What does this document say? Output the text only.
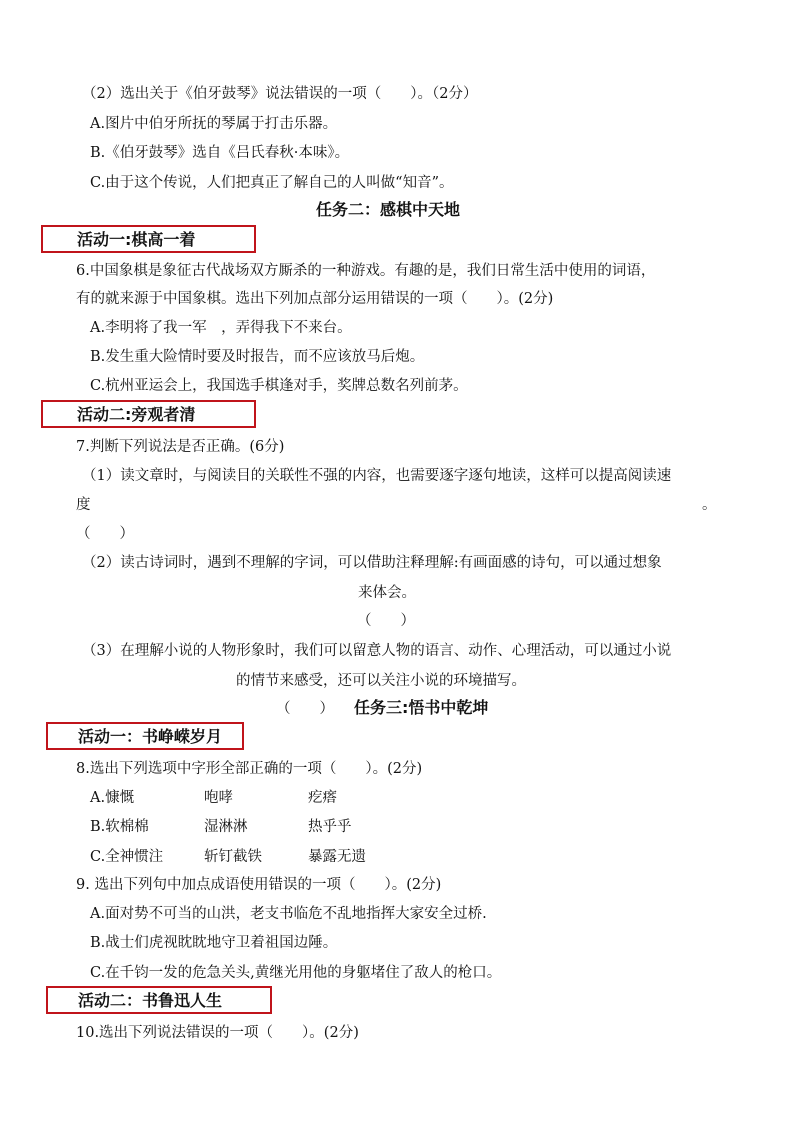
（2）选出关于《伯牙鼓琴》说法错误的一项（　　）。（2分）
A.图片中伯牙所抚的琴属于打击乐器。
B.《伯牙鼓琴》选自《吕氏春秋·本味》。
C.由于这个传说，人们把真正了解自己的人叫做“知音”。
任务二：感棋中天地
活动一:棋高一着
6.中国象棋是象征古代战场双方厮杀的一种游戏。有趣的是，我们日常生活中使用的词语，
有的就来源于中国象棋。选出下列加点部分运用错误的一项（　　）。(2分)
A.李明将了我一军　，弄得我下不来台。
B.发生重大险情时要及时报告，而不应该放马后炮。
C.杭州亚运会上，我国选手棋逢对手，奖牌总数名列前茅。
活动二:旁观者清
7.判断下列说法是否正确。(6分)
（1）读文章时，与阅读目的关联性不强的内容，也需要逐字逐句地读，这样可以提高阅读速
度	。
（　　）
（2）读古诗词时，遇到不理解的字词，可以借助注释理解:有画面感的诗句，可以通过想象
来体会。
（　　）
（3）在理解小说的人物形象时，我们可以留意人物的语言、动作、心理活动，可以通过小说
的情节来感受，还可以关注小说的环境描写。
（　　） 任务三:悟书中乾坤
活动一：书峥嵘岁月
8.选出下列选项中字形全部正确的一项（　　）。(2分)
A.慷慨	咆哮	疙瘩
B.软棉棉	湿淋淋	热乎乎
C.全神惯注	斩钉截铁	暴露无遗
9. 选出下列句中加点成语使用错误的一项（　　）。(2分)
A.面对势不可当的山洪，老支书临危不乱地指挥大家安全过桥.
B.战士们虎视眈眈地守卫着祖国边陲。
C.在千钧一发的危急关头,黄继光用他的身躯堵住了敌人的枪口。
活动二：书鲁迅人生
10.选出下列说法错误的一项（　　）。(2分)
